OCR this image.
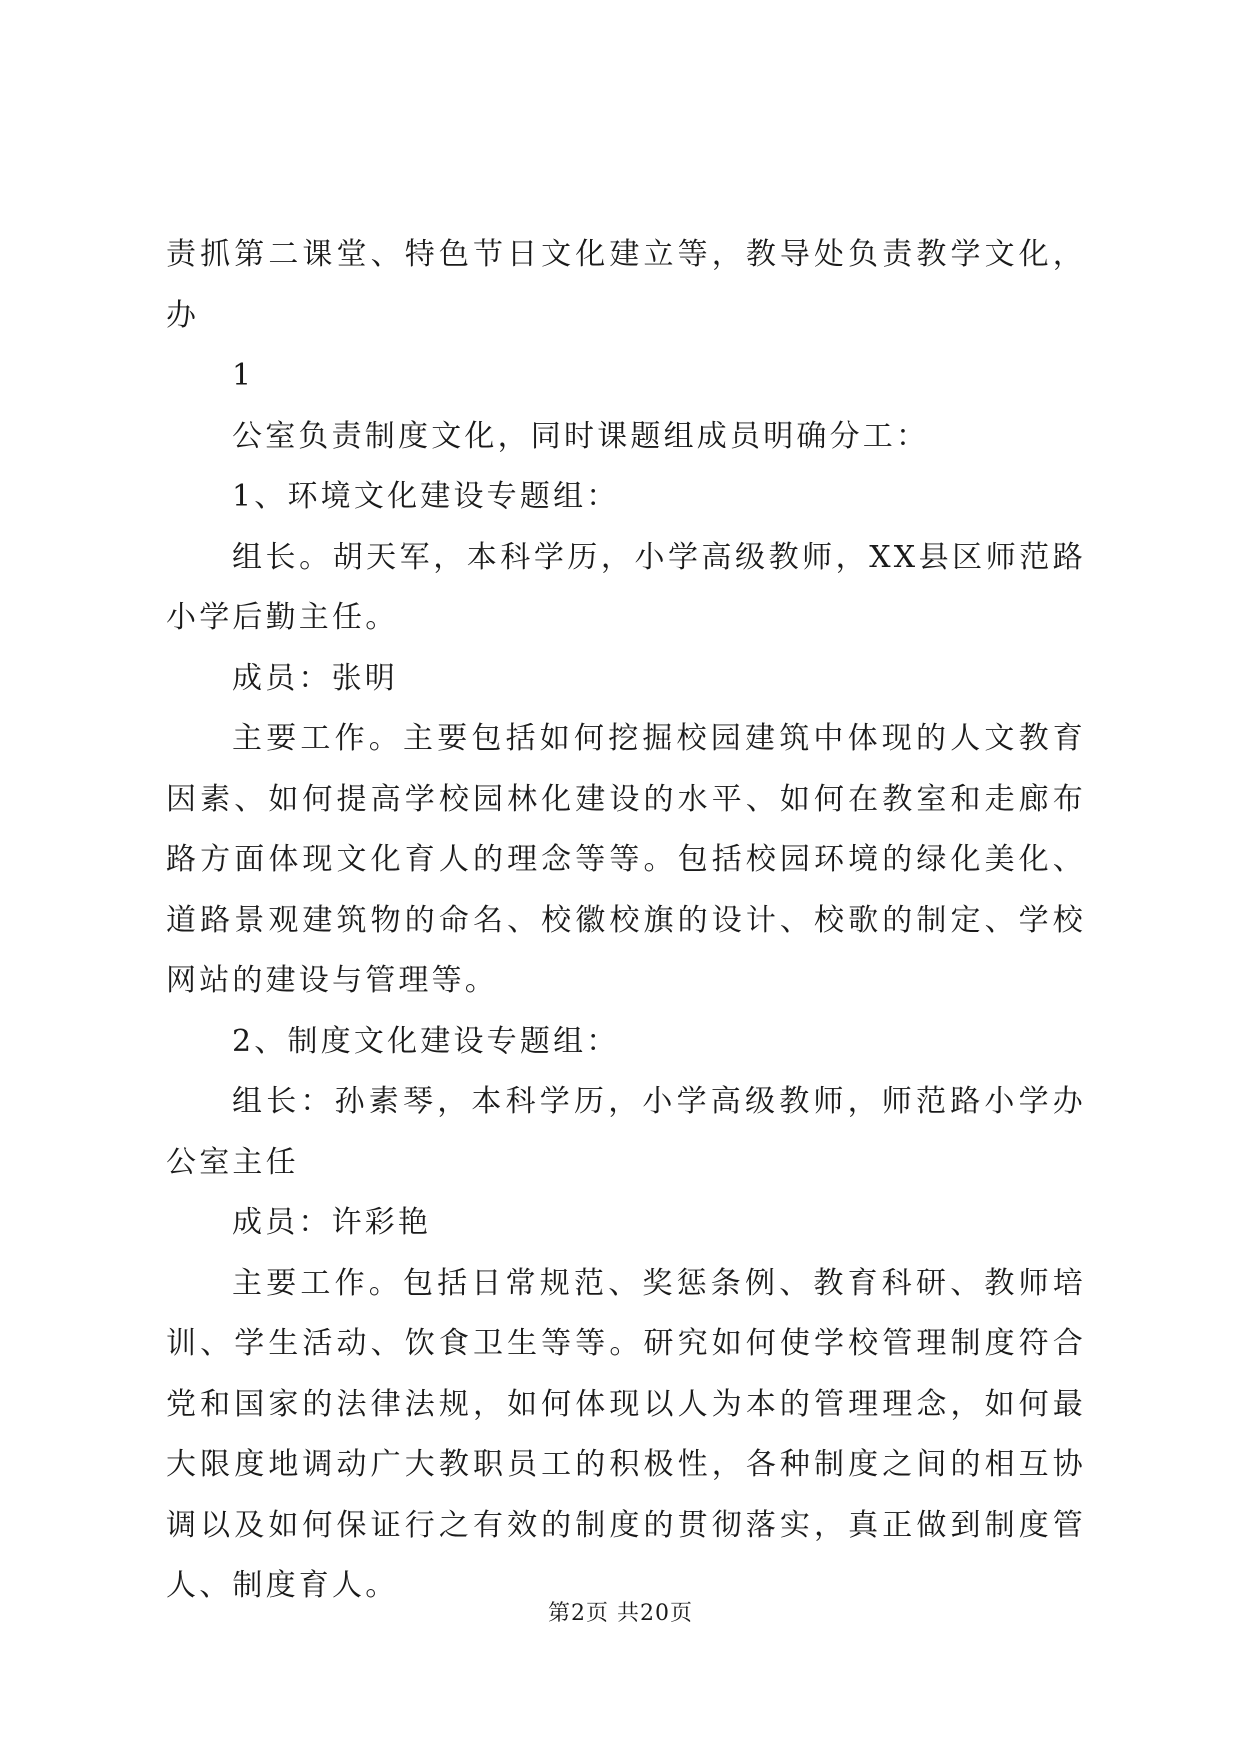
责抓第二课堂、特色节日文化建立等，教导处负责教学文化，办

1

公室负责制度文化，同时课题组成员明确分工：

1、环境文化建设专题组：

组长。胡天军，本科学历，小学高级教师，XX县区师范路小学后勤主任。

成员：张明

主要工作。主要包括如何挖掘校园建筑中体现的人文教育因素、如何提高学校园林化建设的水平、如何在教室和走廊布路方面体现文化育人的理念等等。包括校园环境的绿化美化、道路景观建筑物的命名、校徽校旗的设计、校歌的制定、学校网站的建设与管理等。

2、制度文化建设专题组：

组长：孙素琴，本科学历，小学高级教师，师范路小学办公室主任

成员：许彩艳

主要工作。包括日常规范、奖惩条例、教育科研、教师培训、学生活动、饮食卫生等等。研究如何使学校管理制度符合党和国家的法律法规，如何体现以人为本的管理理念，如何最大限度地调动广大教职员工的积极性，各种制度之间的相互协调以及如何保证行之有效的制度的贯彻落实，真正做到制度管人、制度育人。

第2页 共20页
